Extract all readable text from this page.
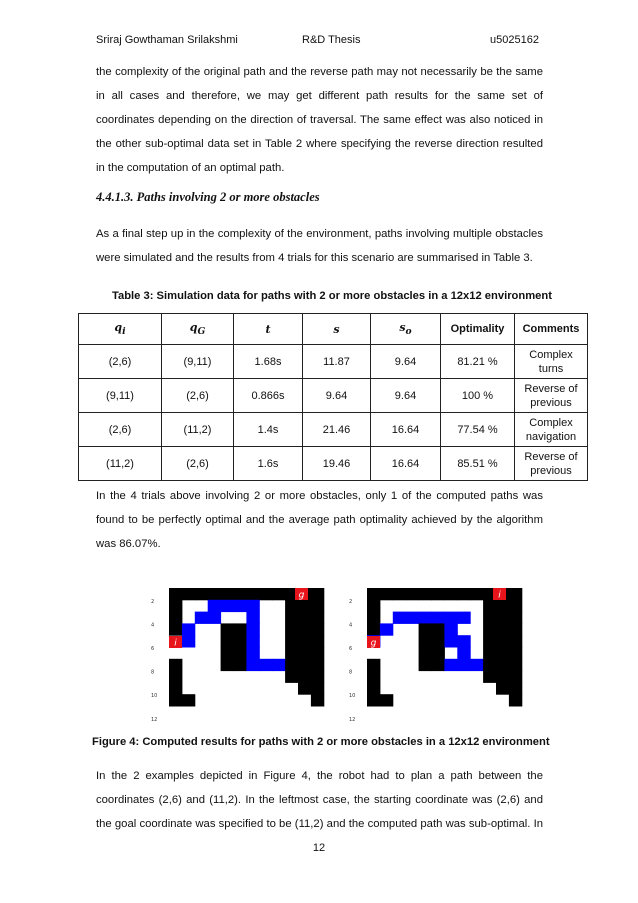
Sriraj Gowthaman Srilakshmi	R&D Thesis	u5025162

the complexity of the original path and the reverse path may not necessarily be the same
in all cases and therefore, we may get different path results for the same set of
coordinates depending on the direction of traversal. The same effect was also noticed in
the other sub-optimal data set in Table 2 where specifying the reverse direction resulted
in the computation of an optimal path.

4.4.1.3. Paths involving 2 or more obstacles

As a final step up in the complexity of the environment, paths involving multiple obstacles
were simulated and the results from 4 trials for this scenario are summarised in Table 3.

Table 3: Simulation data for paths with 2 or more obstacles in a 12x12 environment
$q_i$	$q_G$	t	s	$s_o$	Optimality	Comments
(2,6)	(9,11)	1.68s	11.87	9.64	81.21 %	Complex
turns
(9,11)	(2,6)	0.866s	9.64	9.64	100 %	Reverse of
previous
(2,6)	(11,2)	1.4s	21.46	16.64	77.54 %	Complex
navigation
(11,2)	(2,6)	1.6s	19.46	16.64	85.51 %	Reverse of
previous

In the 4 trials above involving 2 or more obstacles, only 1 of the computed paths was
found to be perfectly optimal and the average path optimality achieved by the algorithm
was 86.07%.

g
i
2
4
6
8
10
12
i
g
2
4
6
8
10
12
Figure 4: Computed results for paths with 2 or more obstacles in a 12x12 environment

In the 2 examples depicted in Figure 4, the robot had to plan a path between the
coordinates (2,6) and (11,2). In the leftmost case, the starting coordinate was (2,6) and
the goal coordinate was specified to be (11,2) and the computed path was sub-optimal. In

12
